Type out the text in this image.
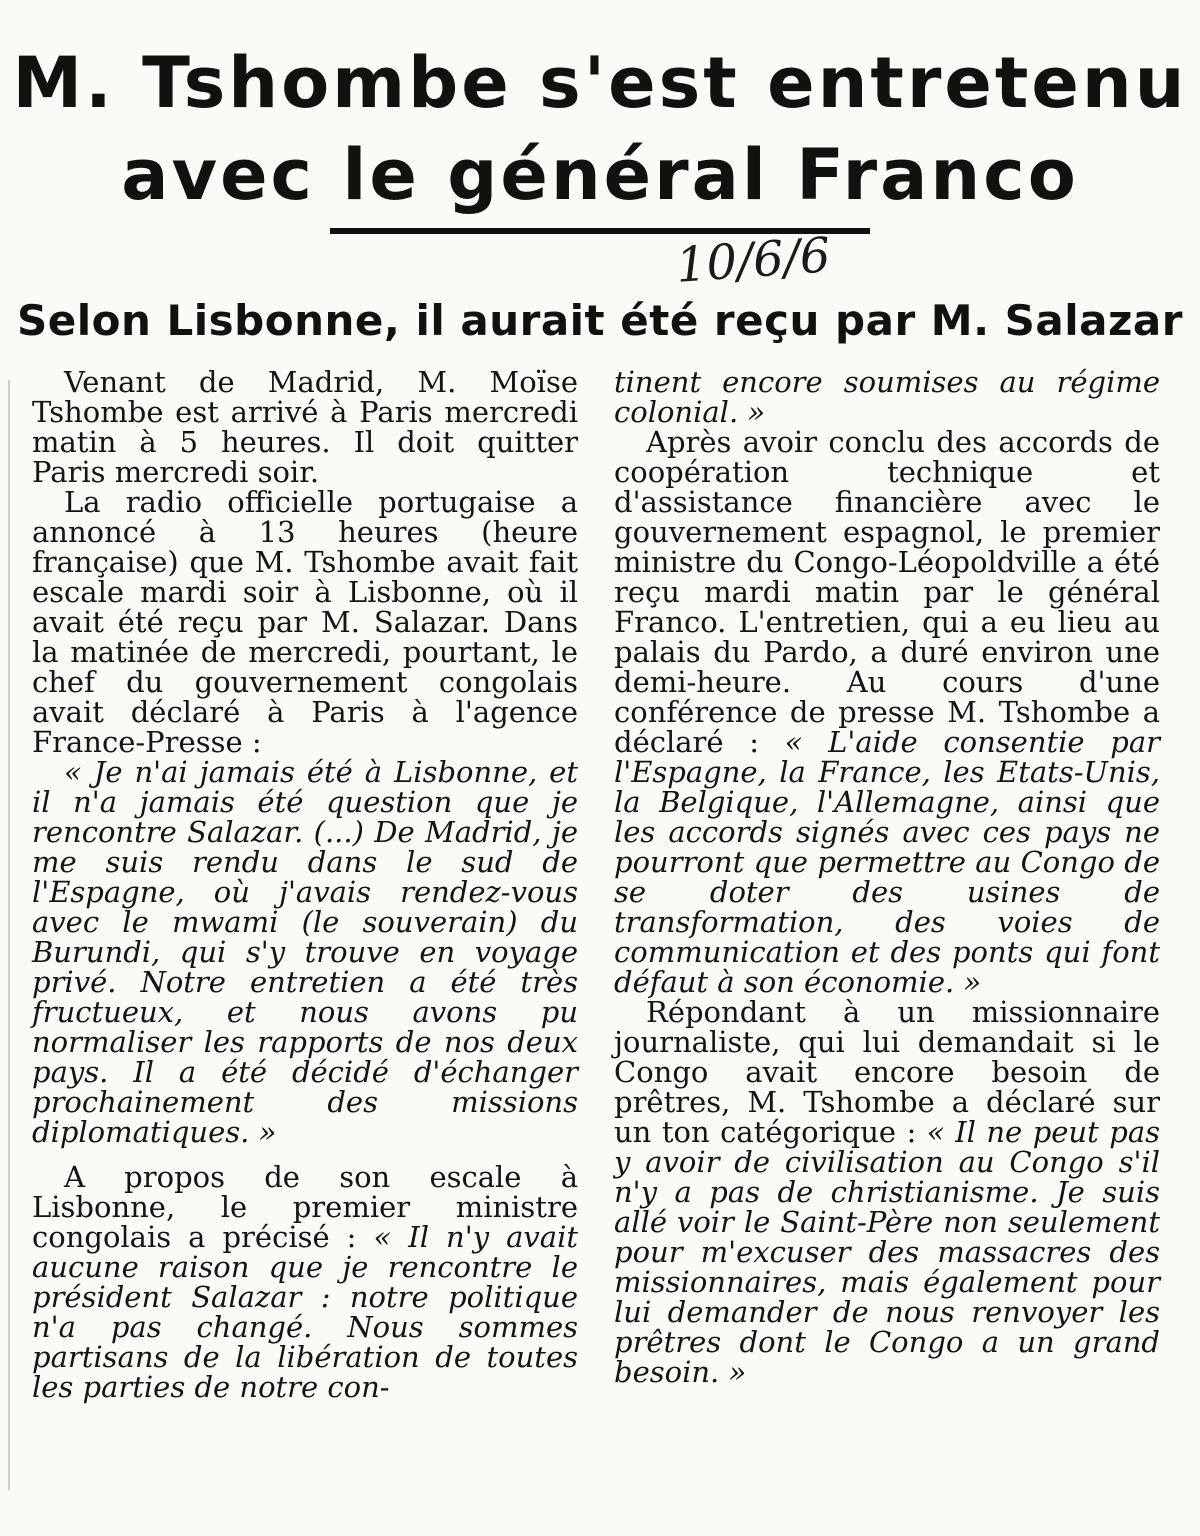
M. Tshombe s'est entretenu
avec le général Franco
10/6/6
Selon Lisbonne, il aurait été reçu par M. Salazar

Venant de Madrid, M. Moïse Tshombe est arrivé à Paris mercredi matin à 5 heures. Il doit quitter Paris mercredi soir.

La radio officielle portugaise a annoncé à 13 heures (heure française) que M. Tshombe avait fait escale mardi soir à Lisbonne, où il avait été reçu par M. Salazar. Dans la matinée de mercredi, pourtant, le chef du gouvernement congolais avait déclaré à Paris à l'agence France-Presse :

« Je n'ai jamais été à Lisbonne, et il n'a jamais été question que je rencontre Salazar. (...) De Madrid, je me suis rendu dans le sud de l'Espagne, où j'avais rendez-vous avec le mwami (le souverain) du Burundi, qui s'y trouve en voyage privé. Notre entretien a été très fructueux, et nous avons pu normaliser les rapports de nos deux pays. Il a été décidé d'échanger prochainement des missions diplomatiques. »

A propos de son escale à Lisbonne, le premier ministre congolais a précisé : « Il n'y avait aucune raison que je rencontre le président Salazar : notre politique n'a pas changé. Nous sommes partisans de la libération de toutes les parties de notre con-

tinent encore soumises au régime colonial. »

Après avoir conclu des accords de coopération technique et d'assistance financière avec le gouvernement espagnol, le premier ministre du Congo-Léopoldville a été reçu mardi matin par le général Franco. L'entretien, qui a eu lieu au palais du Pardo, a duré environ une demi-heure. Au cours d'une conférence de presse M. Tshombe a déclaré : « L'aide consentie par l'Espagne, la France, les Etats-Unis, la Belgique, l'Allemagne, ainsi que les accords signés avec ces pays ne pourront que permettre au Congo de se doter des usines de transformation, des voies de communication et des ponts qui font défaut à son économie. »

Répondant à un missionnaire journaliste, qui lui demandait si le Congo avait encore besoin de prêtres, M. Tshombe a déclaré sur un ton catégorique : « Il ne peut pas y avoir de civilisation au Congo s'il n'y a pas de christianisme. Je suis allé voir le Saint-Père non seulement pour m'excuser des massacres des missionnaires, mais également pour lui demander de nous renvoyer les prêtres dont le Congo a un grand besoin. »
